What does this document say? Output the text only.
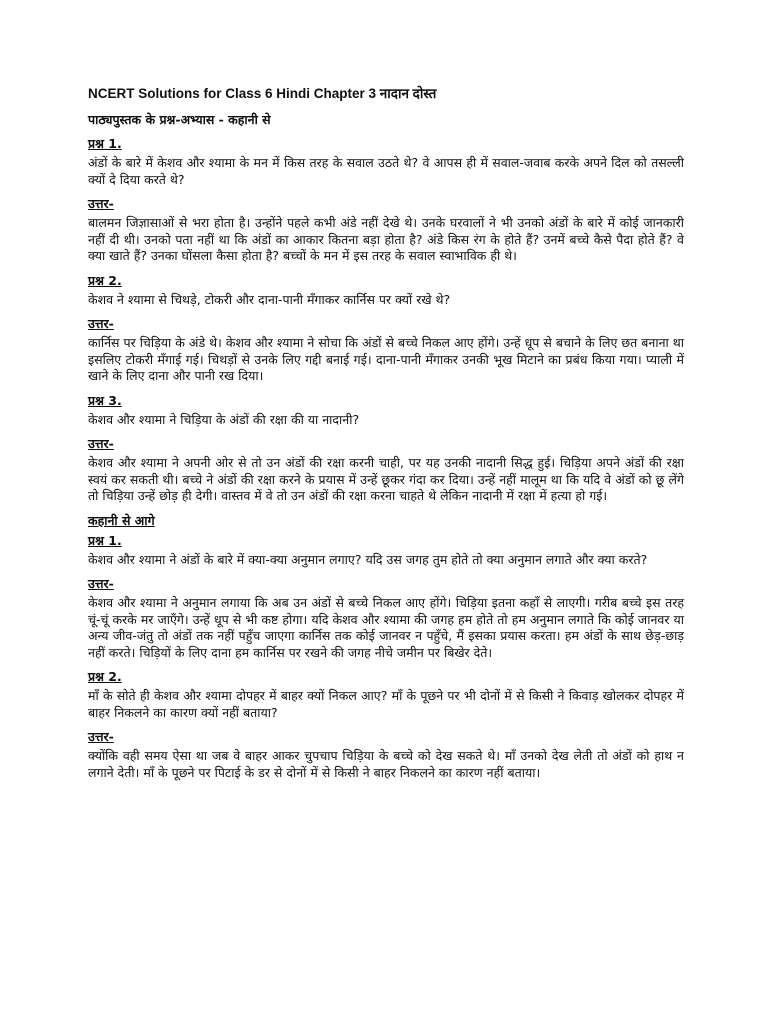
NCERT Solutions for Class 6 Hindi Chapter 3 नादान दोस्त
पाठ्यपुस्तक के प्रश्न-अभ्यास - कहानी से
प्रश्न 1.
अंडों के बारे में केशव और श्यामा के मन में किस तरह के सवाल उठते थे? वे आपस ही में सवाल-जवाब करके अपने दिल को तसल्ली क्यों दे दिया करते थे?
उत्तर-
बालमन जिज्ञासाओं से भरा होता है। उन्होंने पहले कभी अंडे नहीं देखे थे। उनके घरवालों ने भी उनको अंडों के बारे में कोई जानकारी नहीं दी थी। उनको पता नहीं था कि अंडों का आकार कितना बड़ा होता है? अंडे किस रंग के होते हैं? उनमें बच्चे कैसे पैदा होते हैं? वे क्या खाते हैं? उनका घोंसला कैसा होता है? बच्चों के मन में इस तरह के सवाल स्वाभाविक ही थे।
प्रश्न 2.
केशव ने श्यामा से चिथड़े, टोकरी और दाना-पानी मँगाकर कार्निस पर क्यों रखे थे?
उत्तर-
कार्निस पर चिड़िया के अंडे थे। केशव और श्यामा ने सोचा कि अंडों से बच्चे निकल आए होंगे। उन्हें धूप से बचाने के लिए छत बनाना था इसलिए टोकरी मँगाई गई। चिथड़ों से उनके लिए गद्दी बनाई गई। दाना-पानी मँगाकर उनकी भूख मिटाने का प्रबंध किया गया। प्याली में खाने के लिए दाना और पानी रख दिया।
प्रश्न 3.
केशव और श्यामा ने चिड़िया के अंडों की रक्षा की या नादानी?
उत्तर-
केशव और श्यामा ने अपनी ओर से तो उन अंडों की रक्षा करनी चाही, पर यह उनकी नादानी सिद्ध हुई। चिड़िया अपने अंडों की रक्षा स्वयं कर सकती थी। बच्चे ने अंडों की रक्षा करने के प्रयास में उन्हें छूकर गंदा कर दिया। उन्हें नहीं मालूम था कि यदि वे अंडों को छू लेंगे तो चिड़िया उन्हें छोड़ ही देगी। वास्तव में वे तो उन अंडों की रक्षा करना चाहते थे लेकिन नादानी में रक्षा में हत्या हो गई।
कहानी से आगे
प्रश्न 1.
केशव और श्यामा ने अंडों के बारे में क्या-क्या अनुमान लगाए? यदि उस जगह तुम होते तो क्या अनुमान लगाते और क्या करते?
उत्तर-
केशव और श्यामा ने अनुमान लगाया कि अब उन अंडों से बच्चे निकल आए होंगे। चिड़िया इतना कहाँ से लाएगी। गरीब बच्चे इस तरह चूं-चूं करके मर जाएँगे। उन्हें धूप से भी कष्ट होगा। यदि केशव और श्यामा की जगह हम होते तो हम अनुमान लगाते कि कोई जानवर या अन्य जीव-जंतु तो अंडों तक नहीं पहुँच जाएगा कार्निस तक कोई जानवर न पहुँचे, मैं इसका प्रयास करता। हम अंडों के साथ छेड़-छाड़ नहीं करते। चिड़ियों के लिए दाना हम कार्निस पर रखने की जगह नीचे जमीन पर बिखेर देते।
प्रश्न 2.
माँ के सोते ही केशव और श्यामा दोपहर में बाहर क्यों निकल आए? माँ के पूछने पर भी दोनों में से किसी ने किवाड़ खोलकर दोपहर में बाहर निकलने का कारण क्यों नहीं बताया?
उत्तर-
क्योंकि वही समय ऐसा था जब वे बाहर आकर चुपचाप चिड़िया के बच्चे को देख सकते थे। माँ उनको देख लेती तो अंडों को हाथ न लगाने देती। माँ के पूछने पर पिटाई के डर से दोनों में से किसी ने बाहर निकलने का कारण नहीं बताया।
